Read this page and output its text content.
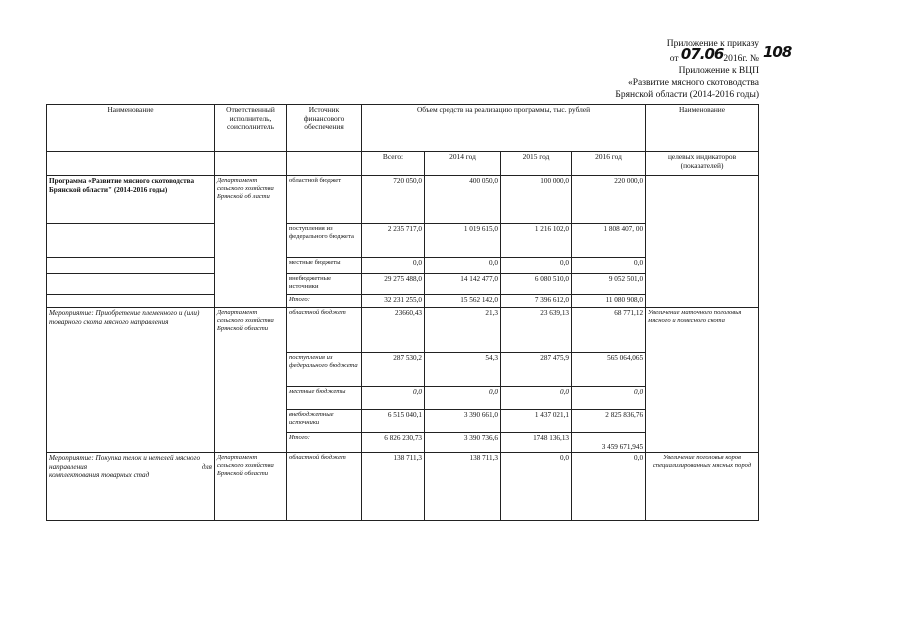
Приложение к приказу
от 07.062016г. № 108
Приложение к ВЦП
«Развитие мясного скотоводства
Брянской области (2014-2016 годы)
Наименование	Ответственный исполнитель, соисполнитель	Источник финансового обеспечения	Объем средств на реализацию программы, тыс. рублей				Наименование
			Всего:	2014 год	2015 год	2016 год	целевых индикаторов (показателей)
Программа «Развитие мясного скотоводства Брянской области" (2014-2016 годы)	Департамент сельского хозяйства Брянской об ласти	областной бюджет	720 050,0	400 050,0	100 000,0	220 000,0	
		поступления из федерального бюджета	2 235 717,0	1 019 615,0	1 216 102,0	1 808 407, 00	
		местные бюджеты	0,0	0,0	0,0	0,0	
		внебюджетные источники	29 275 488,0	14 142 477,0	6 080 510,0	9 052 501,0	
		Итого:	32 231 255,0	15 562 142,0	7 396 612,0	11 080 908,0	
Мероприятие: Приобретение племенного и (или) товарного скота мясного направления	Департамент сельского хозяйства Брянской области	областной бюджет	23660,43	21,3	23 639,13	68 771,12	Увеличение маточного поголовья мясного и помесного скота
		поступления из федерального бюджета	287 530,2	54,3	287 475,9	565 064,065	
		местные бюджеты	0,0	0,0	0,0	0,0	
		внебюджетные источники	6 515 040,1	3 390 661,0	1 437 021,1	2 825 836,76	
		Итого:	6 826 230,73	3 390 736,6	1748 136,13	3 459 671,945	

Мероприятие: Покупка телок и нетелей мясного направления для
комплектования товарных стад	Департамент сельского хозяйства Брянской области	областной бюджет	138 711,3	138 711,3	0,0	0,0	Увеличение поголовья коров специализированных мясных пород
